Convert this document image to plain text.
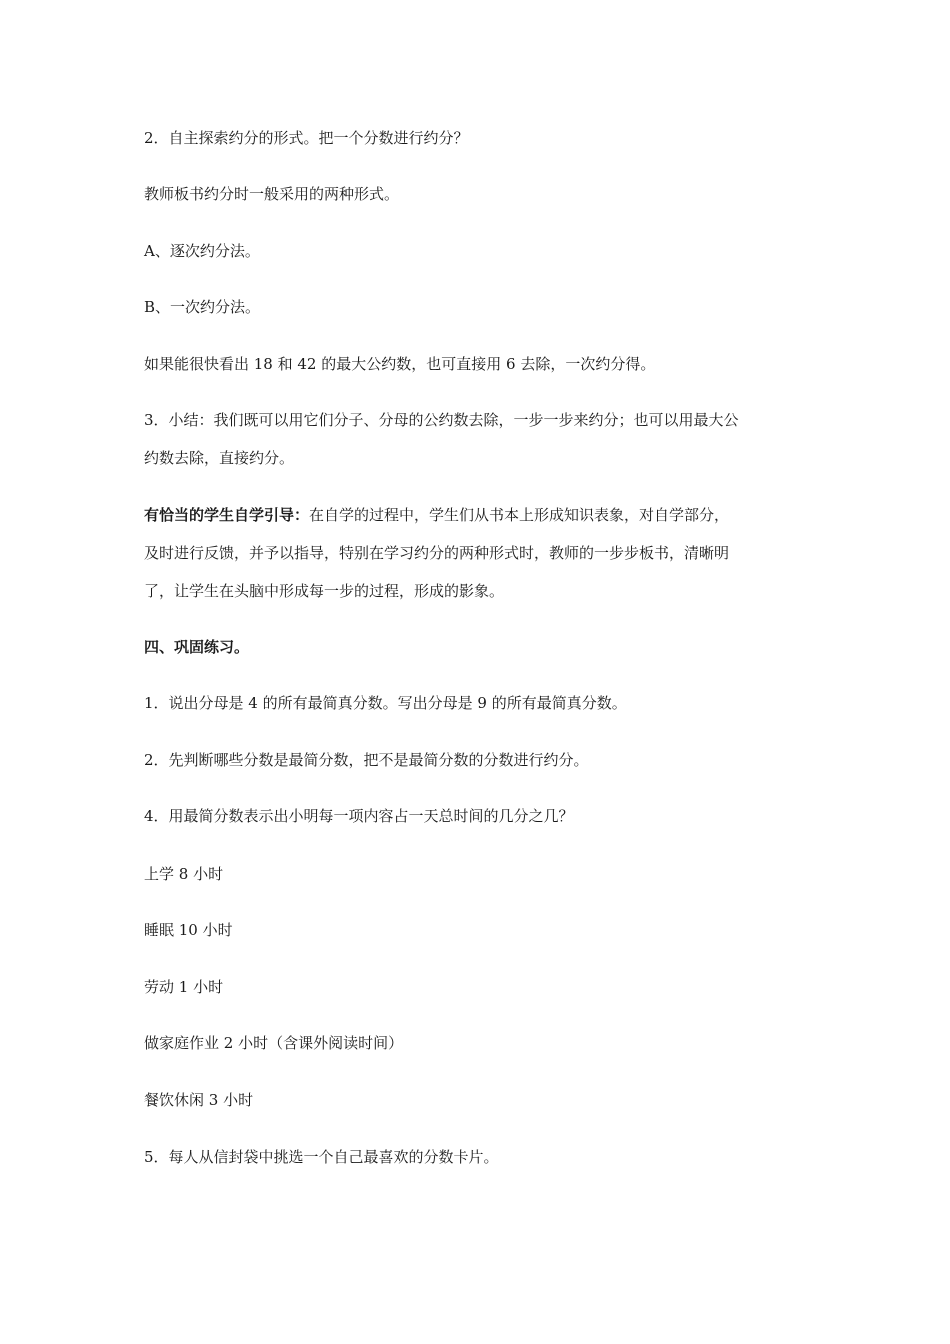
2．自主探索约分的形式。把一个分数进行约分？
教师板书约分时一般采用的两种形式。
A、逐次约分法。
B、一次约分法。
如果能很快看出 18 和 42 的最大公约数，也可直接用 6 去除，一次约分得。
3．小结：我们既可以用它们分子、分母的公约数去除，一步一步来约分；也可以用最大公
约数去除，直接约分。
有恰当的学生自学引导：在自学的过程中，学生们从书本上形成知识表象，对自学部分，
及时进行反馈，并予以指导，特别在学习约分的两种形式时，教师的一步步板书，清晰明
了，让学生在头脑中形成每一步的过程，形成的影象。
四、巩固练习。
1．说出分母是 4 的所有最简真分数。写出分母是 9 的所有最简真分数。
2．先判断哪些分数是最简分数，把不是最简分数的分数进行约分。
4．用最简分数表示出小明每一项内容占一天总时间的几分之几？
上学 8 小时
睡眠 10 小时
劳动 1 小时
做家庭作业 2 小时（含课外阅读时间）
餐饮休闲 3 小时
5．每人从信封袋中挑选一个自己最喜欢的分数卡片。
